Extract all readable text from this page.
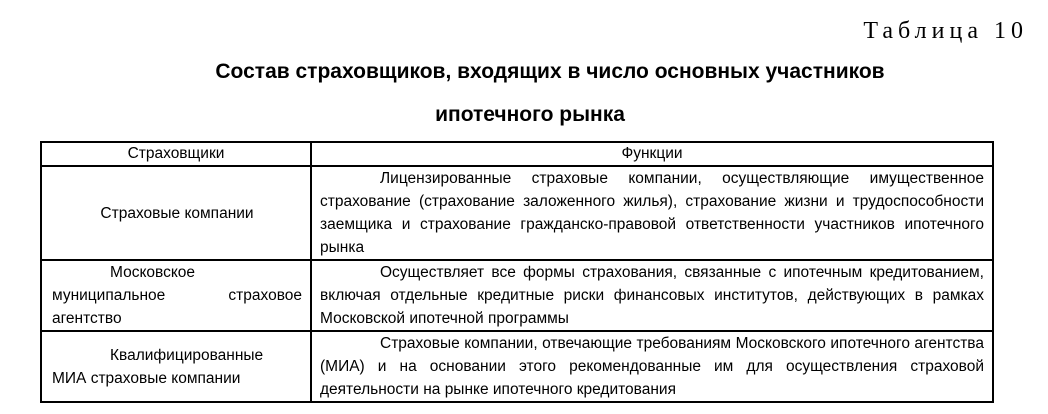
Таблица 10
Состав страховщиков, входящих в число основных участников
ипотечного рынка
Страховщики	Функции
Страховые компании	Лицензированные страховые компании, осуществляющие имущественное страхование (страхование заложенного жилья), страхование жизни и трудоспособности заемщика и страхование гражданско-правовой ответственности участников ипотечного рынка

Московское
муниципальное страховое
агентство	Осуществляет все формы страхования, связанные с ипотечным кредитованием, включая отдельные кредитные риски финансовых институтов, действующих в рамках Московской ипотечной программы

Квалифицированные
МИА страховые компании	Страховые компании, отвечающие требованиям Московского ипотечного агентства (МИА) и на основании этого рекомендованные им для осуществления страховой деятельности на рынке ипотечного кредитования
